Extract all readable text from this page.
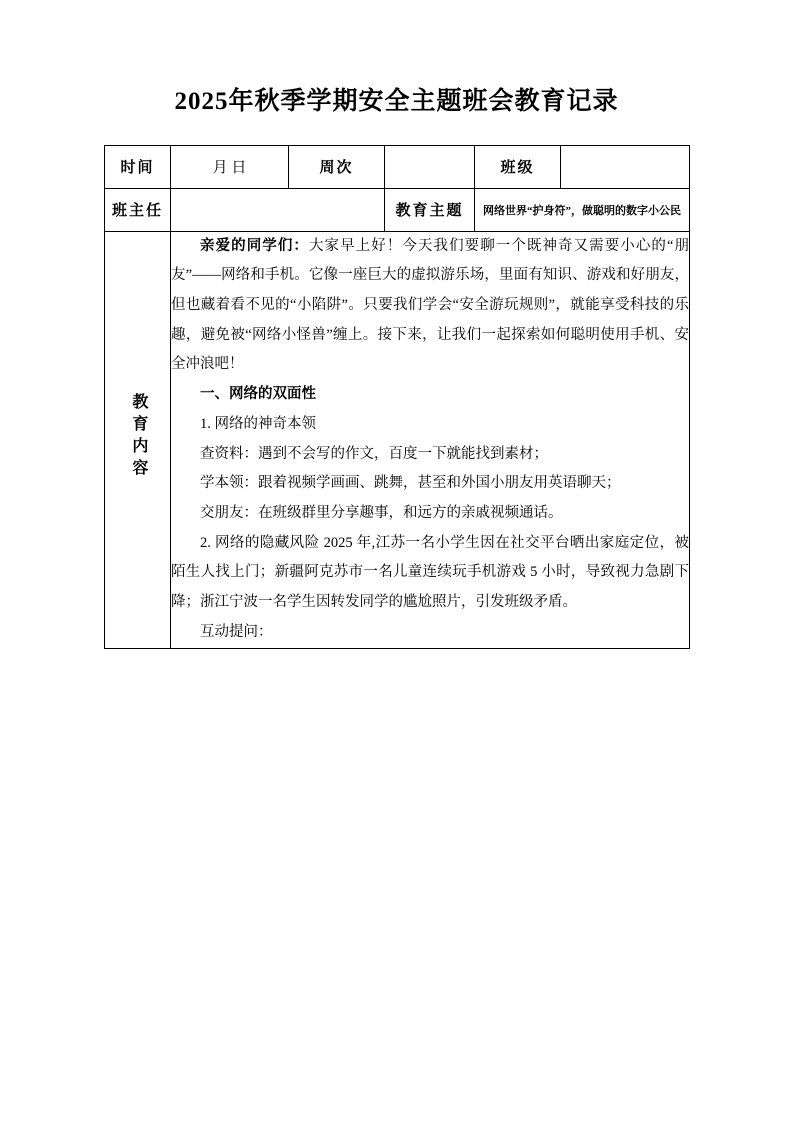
2025年秋季学期安全主题班会教育记录
时间	月 日	周次		班级	
班主任			教育主题	网络世界“护身符”，做聪明的数字小公民	
教育内容	

亲爱的同学们：大家早上好！今天我们要聊一个既神奇又需要小心的“朋友”——网络和手机。它像一座巨大的虚拟游乐场，里面有知识、游戏和好朋友，但也藏着看不见的“小陷阱”。只要我们学会“安全游玩规则”，就能享受科技的乐趣，避免被“网络小怪兽”缠上。接下来，让我们一起探索如何聪明使用手机、安全冲浪吧！

一、网络的双面性

1. 网络的神奇本领

查资料：遇到不会写的作文，百度一下就能找到素材；

学本领：跟着视频学画画、跳舞，甚至和外国小朋友用英语聊天；

交朋友：在班级群里分享趣事，和远方的亲戚视频通话。

2. 网络的隐藏风险 2025 年,江苏一名小学生因在社交平台晒出家庭定位，被陌生人找上门；新疆阿克苏市一名儿童连续玩手机游戏 5 小时，导致视力急剧下降；浙江宁波一名学生因转发同学的尴尬照片，引发班级矛盾。

互动提问：
